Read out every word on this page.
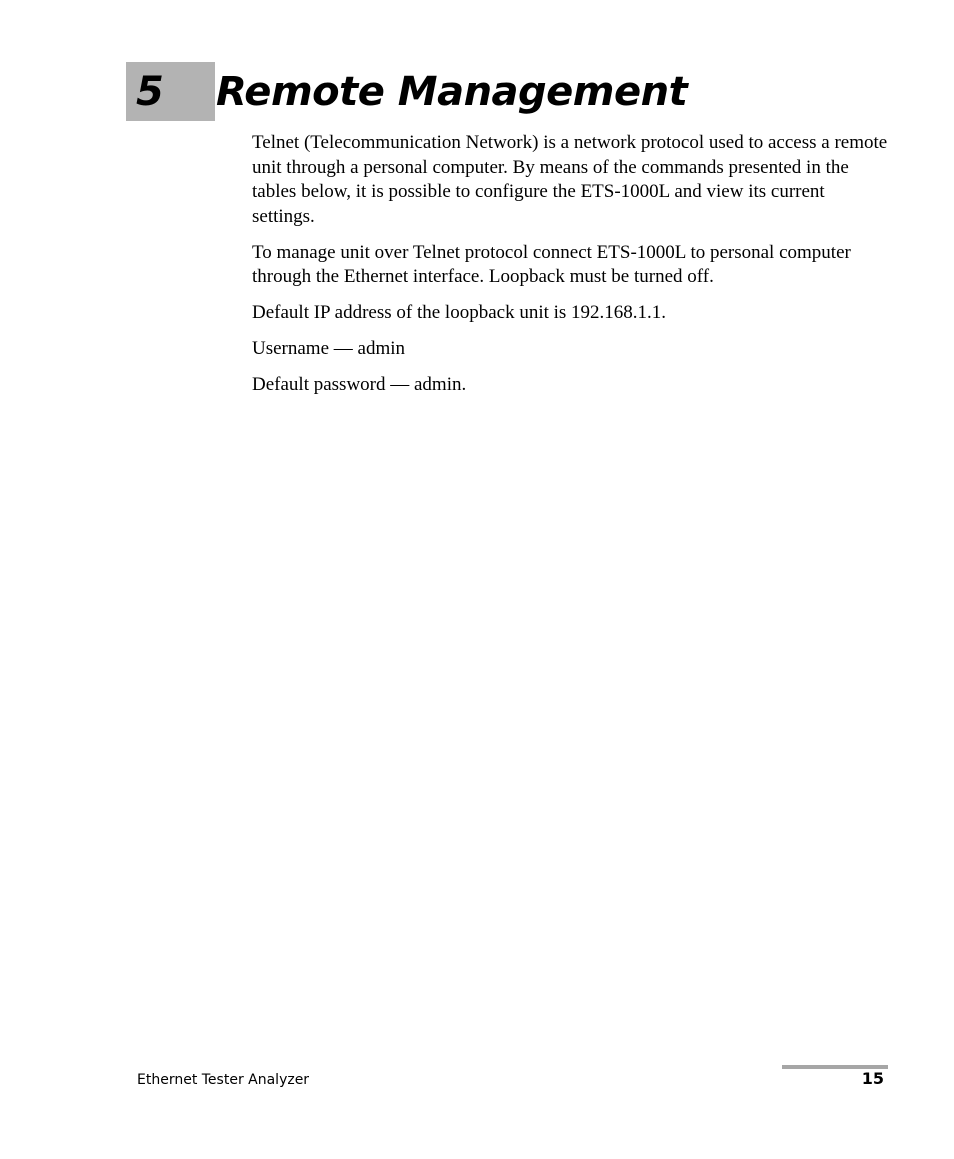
5 Remote Management

Telnet (Telecommunication Network) is a network protocol used to access a remote unit through a personal computer. By means of the commands presented in the tables below, it is possible to configure the ETS-1000L and view its current settings.

To manage unit over Telnet protocol connect ETS-1000L to personal computer through the Ethernet interface. Loopback must be turned off.

Default IP address of the loopback unit is 192.168.1.1.

Username — admin

Default password — admin.

Ethernet Tester Analyzer	15
